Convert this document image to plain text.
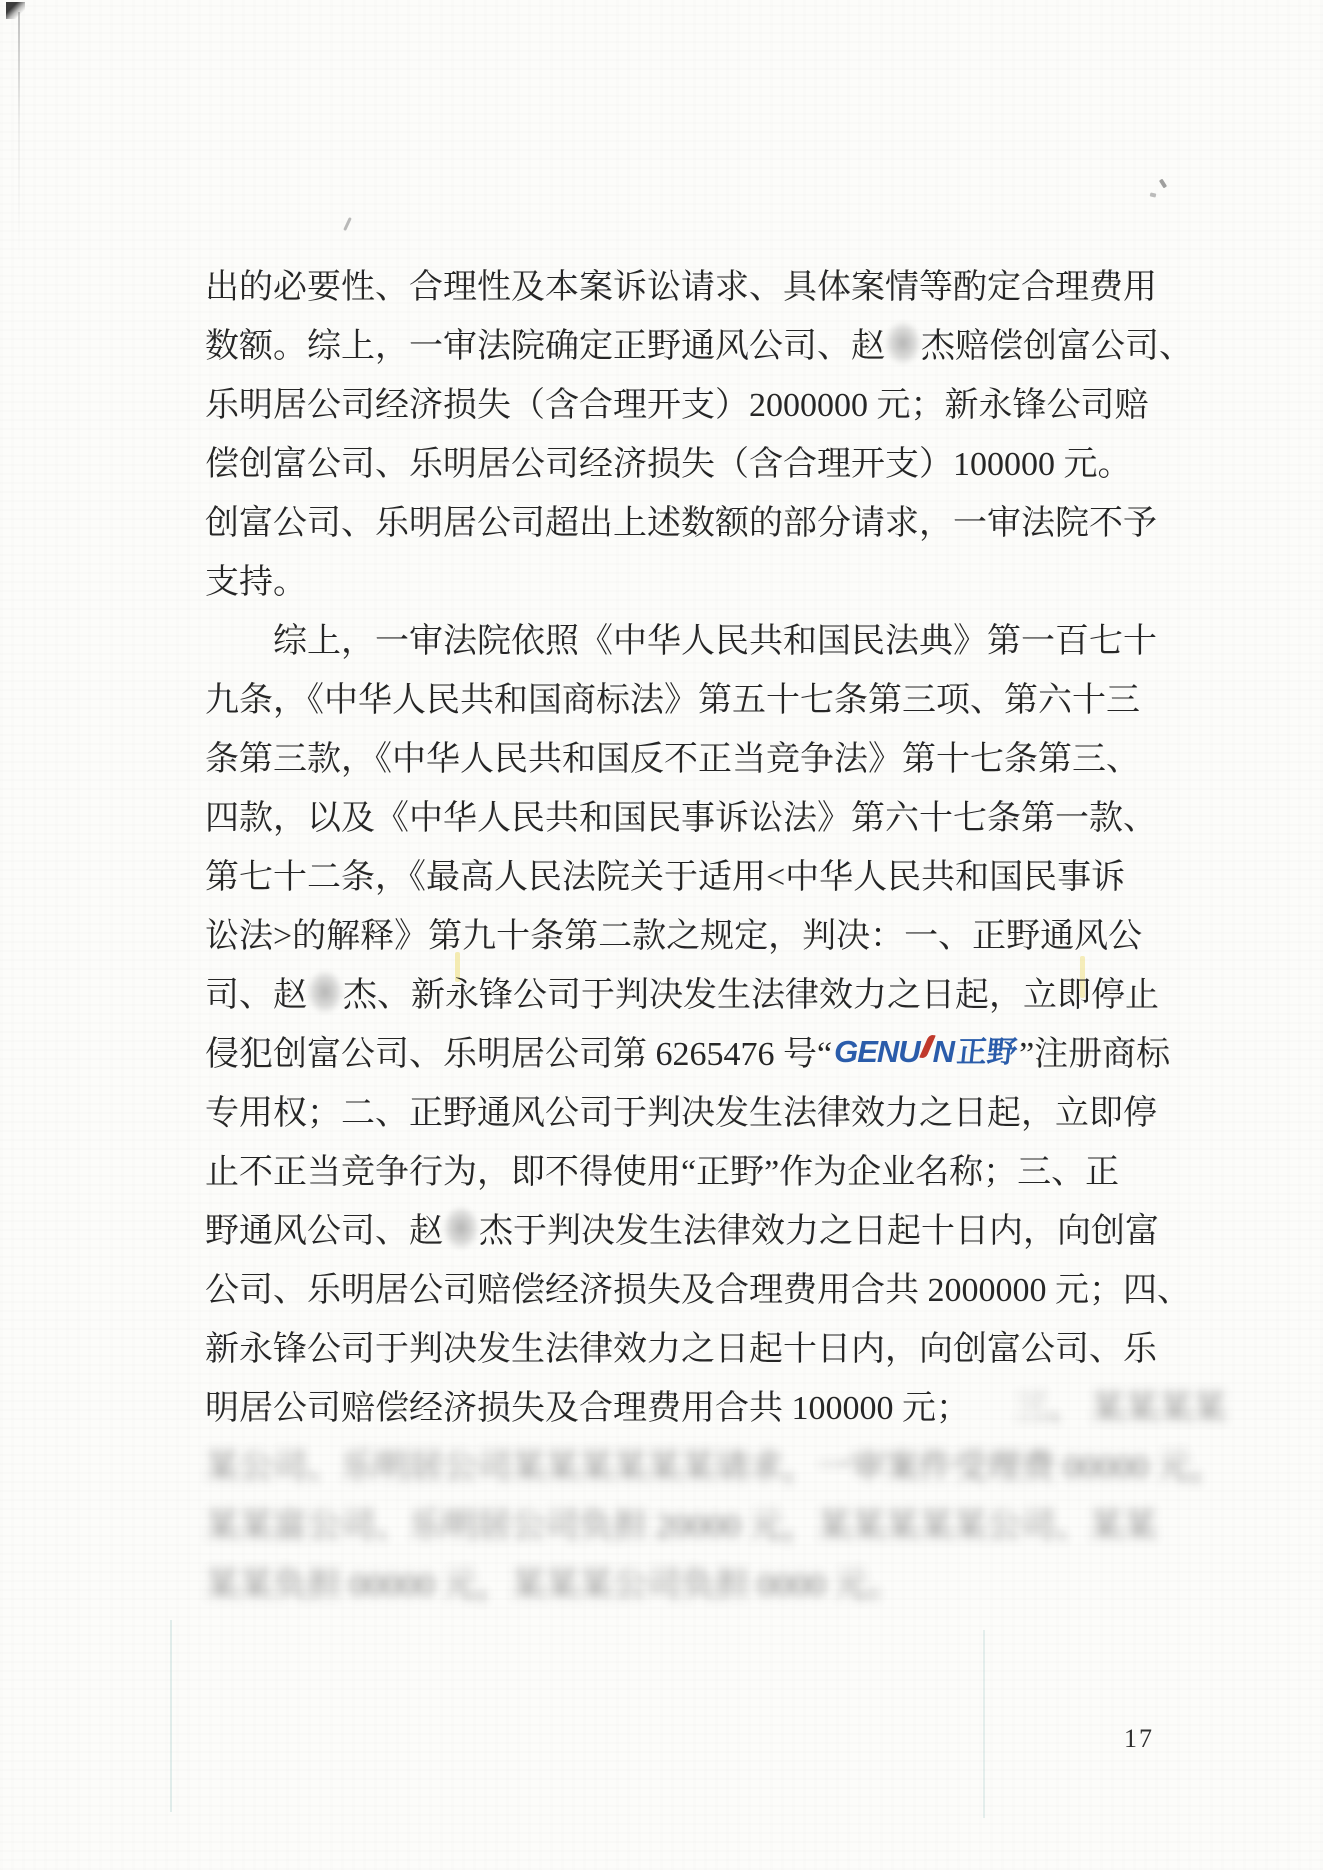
出的必要性、合理性及本案诉讼请求、具体案情等酌定合理费用
数额。综上，一审法院确定正野通风公司、赵 杰赔偿创富公司、
乐明居公司经济损失（含合理开支）2000000 元；新永锋公司赔
偿创富公司、乐明居公司经济损失（含合理开支）100000 元。
创富公司、乐明居公司超出上述数额的部分请求，一审法院不予
支持。
综上，一审法院依照《中华人民共和国民法典》第一百七十
九条，《中华人民共和国商标法》第五十七条第三项、第六十三
条第三款，《中华人民共和国反不正当竞争法》第十七条第三、
四款，以及《中华人民共和国民事诉讼法》第六十七条第一款、
第七十二条，《最高人民法院关于适用<中华人民共和国民事诉
讼法>的解释》第九十条第二款之规定，判决：一、正野通风公
司、赵 杰、新永锋公司于判决发生法律效力之日起，立即停止
侵犯创富公司、乐明居公司第 6265476 号“GENU N正野”注册商标
专用权；二、正野通风公司于判决发生法律效力之日起，立即停
止不正当竞争行为，即不得使用“正野”作为企业名称；三、正
野通风公司、赵 杰于判决发生法律效力之日起十日内，向创富
公司、乐明居公司赔偿经济损失及合理费用合共 2000000 元；四、
新永锋公司于判决发生法律效力之日起十日内，向创富公司、乐
明居公司赔偿经济损失及合理费用合共 100000 元； 三、 某某某某
某公司、乐明居公司某某某某某某请求，一审案件受理费 00000 元，
某某富公司、乐明居公司负担 20000 元，某某某某某公司、某某
某某负担 00000 元，某某某公司负担 0000 元。
17
